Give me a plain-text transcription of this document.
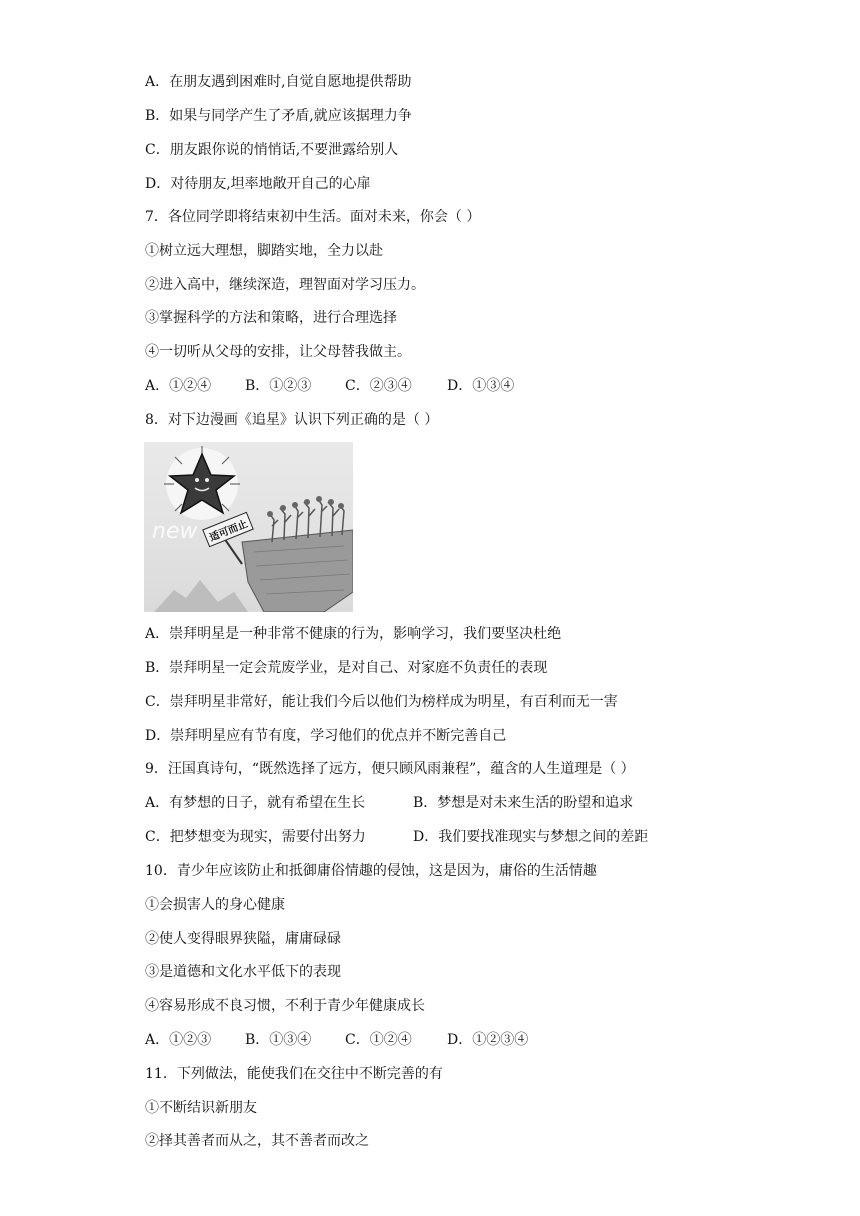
A．在朋友遇到困难时,自觉自愿地提供帮助
B．如果与同学产生了矛盾,就应该据理力争
C．朋友跟你说的悄悄话,不要泄露给别人
D．对待朋友,坦率地敞开自己的心扉
7．各位同学即将结束初中生活。面对未来，你会（ ）
①树立远大理想，脚踏实地，全力以赴
②进入高中，继续深造，理智面对学习压力。
③掌握科学的方法和策略，进行合理选择
④一切听从父母的安排，让父母替我做主。
A．①②④ B．①②③ C．②③④	D．①③④
8．对下边漫画《追星》认识下列正确的是（ ）
new	适可而止
A．崇拜明星是一种非常不健康的行为，影响学习，我们要坚决杜绝
B．崇拜明星一定会荒废学业，是对自己、对家庭不负责任的表现
C．崇拜明星非常好，能让我们今后以他们为榜样成为明星，有百利而无一害
D．崇拜明星应有节有度，学习他们的优点并不断完善自己
9．汪国真诗句，“既然选择了远方，便只顾风雨兼程”，蕴含的人生道理是（ ）
A．有梦想的日子，就有希望在生长	B．梦想是对未来生活的盼望和追求
C．把梦想变为现实，需要付出努力	D．我们要找准现实与梦想之间的差距
10．青少年应该防止和抵御庸俗情趣的侵蚀，这是因为，庸俗的生活情趣
①会损害人的身心健康
②使人变得眼界狭隘，庸庸碌碌
③是道德和文化水平低下的表现
④容易形成不良习惯，不利于青少年健康成长
A．①②③ B．①③④ C．①②④	D．①②③④
11．下列做法，能使我们在交往中不断完善的有
①不断结识新朋友
②择其善者而从之，其不善者而改之
